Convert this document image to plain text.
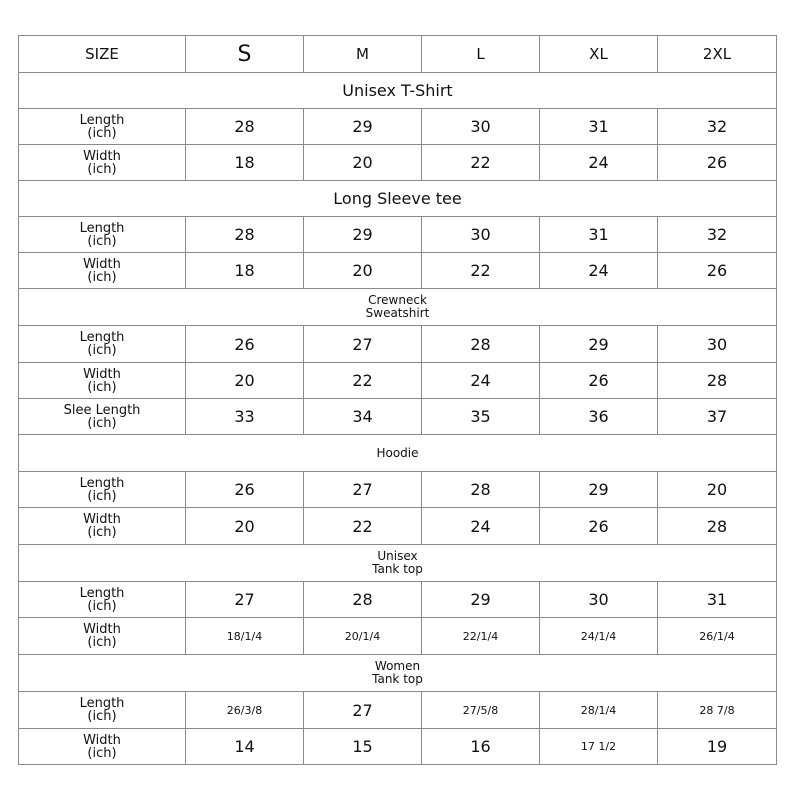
SIZE	S	M	L	XL	2XL
Unisex T-Shirt					

Length
(ich)	28	29	30	31	32

Width
(ich)	18	20	22	24	26
Long Sleeve tee					

Length
(ich)	28	29	30	31	32

Width
(ich)	18	20	22	24	26

Crewneck
Sweatshirt					

Length
(ich)	26	27	28	29	30

Width
(ich)	20	22	24	26	28

Slee Length
(ich)	33	34	35	36	37
Hoodie					

Length
(ich)	26	27	28	29	20

Width
(ich)	20	22	24	26	28

Unisex
Tank top					

Length
(ich)	27	28	29	30	31

Width
(ich)	18/1/4	20/1/4	22/1/4	24/1/4	26/1/4

Women
Tank top					

Length
(ich)	26/3/8	27	27/5/8	28/1/4	28 7/8

Width
(ich)	14	15	16	17 1/2	19
